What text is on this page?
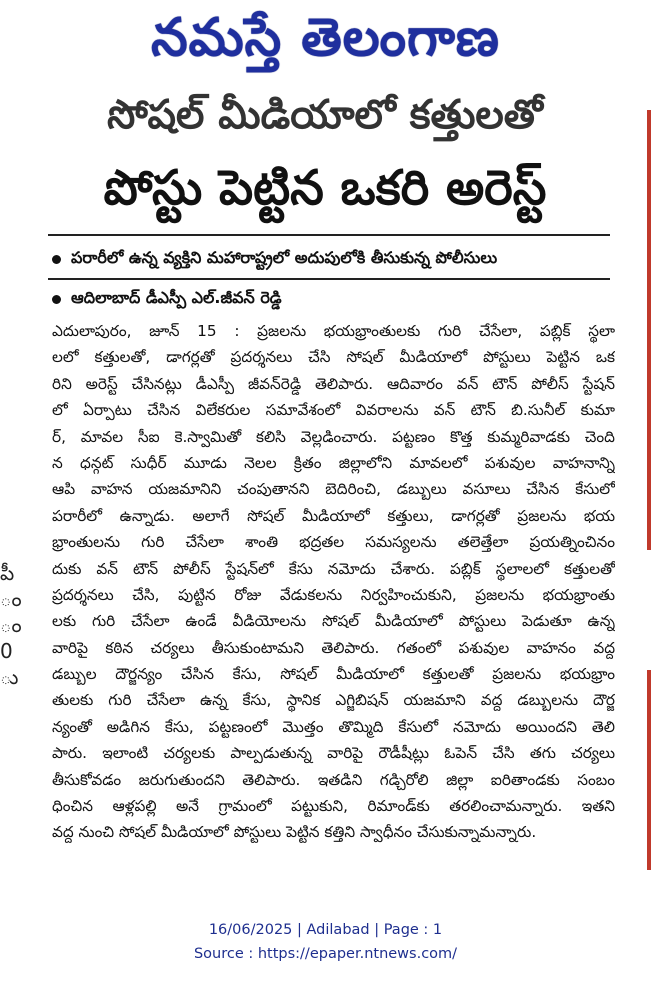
నమస్తే తెలంగాణ
సోషల్ మీడియాలో కత్తులతో
పోస్టు పెట్టిన ఒకరి అరెస్ట్
పరారీలో ఉన్న వ్యక్తిని మహారాష్ట్రలో అదుపులోకి తీసుకున్న పోలీసులు
ఆదిలాబాద్ డీఎస్పీ ఎల్.జీవన్ రెడ్డి
ఎదులాపురం, జూన్ 15 : ప్రజలను భయభ్రాంతులకు గురి చేసేలా, పబ్లిక్ స్థలా
లలో కత్తులతో, డాగర్లతో ప్రదర్శనలు చేసి సోషల్ మీడియాలో పోస్టులు పెట్టిన ఒక
రిని అరెస్ట్ చేసినట్లు డీఎస్పీ జీవన్‌రెడ్డి తెలిపారు. ఆదివారం వన్ టౌన్ పోలీస్ స్టేషన్
లో ఏర్పాటు చేసిన విలేకరుల సమావేశంలో వివరాలను వన్ టౌన్ బి.సునీల్ కుమా
ర్, మావల సీఐ కె.స్వామితో కలిసి వెల్లడించారు. పట్టణం కొత్త కుమ్మరివాడకు చెంది
న ధన్గట్ సుధీర్ మూడు నెలల క్రితం జిల్లాలోని మావలలో పశువుల వాహనాన్ని
ఆపి వాహన యజమానిని చంపుతానని బెదిరించి, డబ్బులు వసూలు చేసిన కేసులో
పరారీలో ఉన్నాడు. అలాగే సోషల్ మీడియాలో కత్తులు, డాగర్లతో ప్రజలను భయ
భ్రాంతులను గురి చేసేలా శాంతి భద్రతల సమస్యలను తలెత్తేలా ప్రయత్నించినం
దుకు వన్ టౌన్ పోలీస్ స్టేషన్‌లో కేసు నమోదు చేశారు. పబ్లిక్ స్థలాలలో కత్తులతో
ప్రదర్శనలు చేసి, పుట్టిన రోజు వేడుకలను నిర్వహించుకుని, ప్రజలను భయభ్రాంతు
లకు గురి చేసేలా ఉండే వీడియోలను సోషల్ మీడియాలో పోస్టులు పెడుతూ ఉన్న
వారిపై కఠిన చర్యలు తీసుకుంటామని తెలిపారు. గతంలో పశువుల వాహనం వద్ద
డబ్బుల దౌర్జన్యం చేసిన కేసు, సోషల్ మీడియాలో కత్తులతో ప్రజలను భయభ్రాం
తులకు గురి చేసేలా ఉన్న కేసు, స్థానిక ఎగ్జిబిషన్ యజమాని వద్ద డబ్బులను దౌర్జ
న్యంతో అడిగిన కేసు, పట్టణంలో మొత్తం తొమ్మిది కేసులో నమోదు అయిందని తెలి
పారు. ఇలాంటి చర్యలకు పాల్పడుతున్న వారిపై రౌడీషీట్లు ఓపెన్ చేసి తగు చర్యలు
తీసుకోవడం జరుగుతుందని తెలిపారు. ఇతడిని గడ్చిరోలి జిల్లా ఐరితాండకు సంబం
ధించిన ఆళ్లపల్లి అనే గ్రామంలో పట్టుకుని, రిమాండ్‌కు తరలించామన్నారు. ఇతని
వద్ద నుంచి సోషల్ మీడియాలో పోస్టులు పెట్టిన కత్తిని స్వాధీనం చేసుకున్నామన్నారు.
పీ
ం
ం
0
ు
16/06/2025 | Adilabad | Page : 1
Source : https://epaper.ntnews.com/
